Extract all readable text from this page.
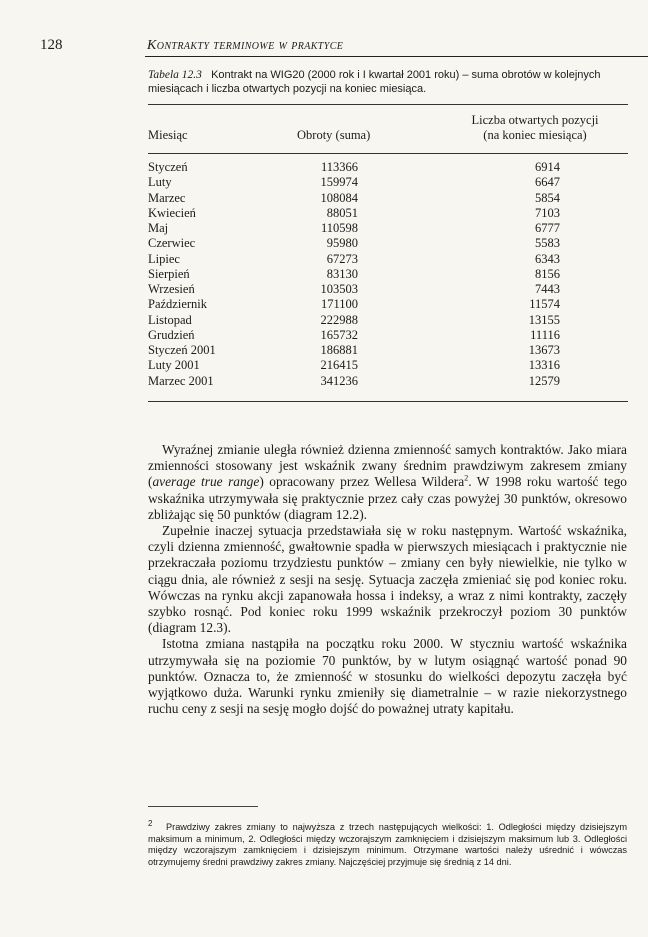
128	Kontrakty terminowe w praktyce
Tabela 12.3 Kontrakt na WIG20 (2000 rok i I kwartał 2001 roku) – suma obrotów w kolejnych miesiącach i liczba otwartych pozycji na koniec miesiąca.
Miesiąc	Obroty (suma)
Liczba otwartych pozycji
(na koniec miesiąca)
Styczeń	113366	6914
Luty	159974	6647
Marzec	108084	5854
Kwiecień	88051	7103
Maj	110598	6777
Czerwiec	95980	5583
Lipiec	67273	6343
Sierpień	83130	8156
Wrzesień	103503	7443
Październik	171100	11574
Listopad	222988	13155
Grudzień	165732	11116
Styczeń 2001	186881	13673
Luty 2001	216415	13316
Marzec 2001	341236	12579

Wyraźnej zmianie uległa również dzienna zmienność samych kontraktów. Jako miara zmienności stosowany jest wskaźnik zwany średnim prawdziwym zakresem zmiany (average true range) opracowany przez Wellesa Wildera$^2$. W 1998 roku wartość tego wskaźnika utrzymywała się praktycznie przez cały czas powyżej 30 punktów, okresowo zbliżając się 50 punktów (diagram 12.2).

Zupełnie inaczej sytuacja przedstawiała się w roku następnym. Wartość wskaźnika, czyli dzienna zmienność, gwałtownie spadła w pierwszych miesiącach i praktycznie nie przekraczała poziomu trzydziestu punktów – zmiany cen były niewielkie, nie tylko w ciągu dnia, ale również z sesji na sesję. Sytuacja zaczęła zmieniać się pod koniec roku. Wówczas na rynku akcji zapanowała hossa i indeksy, a wraz z nimi kontrakty, zaczęły szybko rosnąć. Pod koniec roku 1999 wskaźnik przekroczył poziom 30 punktów (diagram 12.3).

Istotna zmiana nastąpiła na początku roku 2000. W styczniu wartość wskaźnika utrzymywała się na poziomie 70 punktów, by w lutym osiągnąć wartość ponad 90 punktów. Oznacza to, że zmienność w stosunku do wielkości depozytu zaczęła być wyjątkowo duża. Warunki rynku zmieniły się diametralnie – w razie niekorzystnego ruchu ceny z sesji na sesję mogło dojść do poważnej utraty kapitału.

$^2$ Prawdziwy zakres zmiany to najwyższa z trzech następujących wielkości: 1. Odległości między dzisiejszym maksimum a minimum, 2. Odległości między wczorajszym zamknięciem i dzisiejszym maksimum lub 3. Odległości między wczorajszym zamknięciem i dzisiejszym minimum. Otrzymane wartości należy uśrednić i wówczas otrzymujemy średni prawdziwy zakres zmiany. Najczęściej przyjmuje się średnią z 14 dni.
